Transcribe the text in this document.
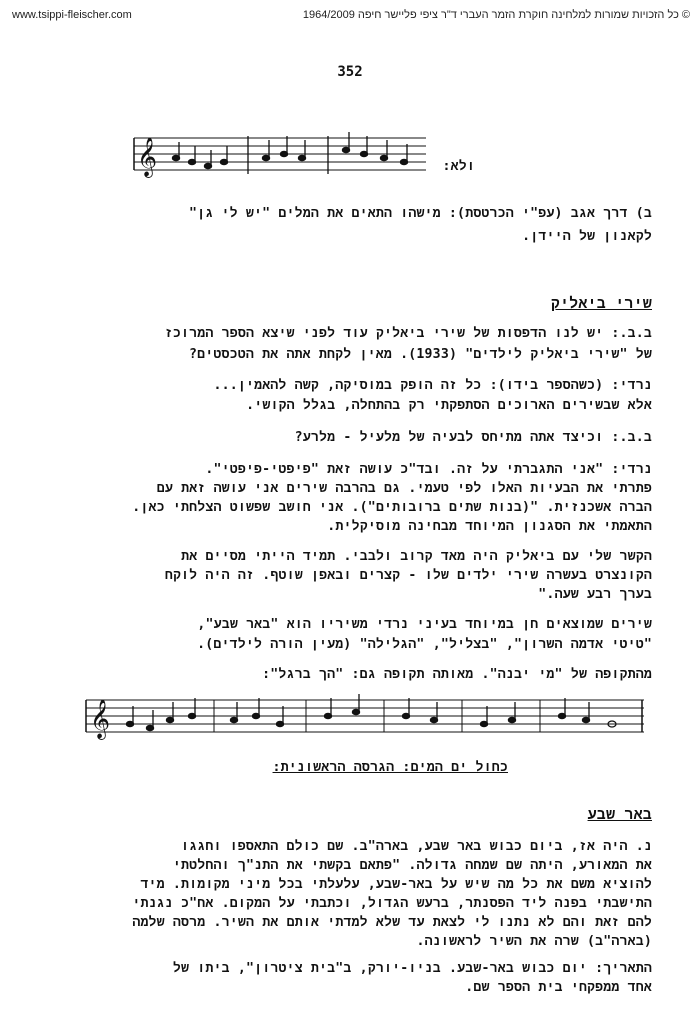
www.tsippi-fleischer.com	© כל הזכויות שמורות למלחינה חוקרת הזמר העברי ד"ר ציפי פליישר חיפה 1964/2009
352
𝄞	ולא:
ב) דרך אגב (עפ"י הכרטסת): מישהו התאים את המלים "יש לי גן"
לקאנון של היידן.
שירי ביאליק
ב.ב.: יש לנו הדפסות של שירי ביאליק עוד לפני שיצא הספר המרוכז
של "שירי ביאליק לילדים" (1933). מאין לקחת אתה את הטכסטים?
נרדי: (כשהספר בידו): כל זה הופק במוסיקה, קשה להאמין...
אלא שבשירים הארוכים הסתפקתי רק בהתחלה, בגלל הקושי.
ב.ב.: וכיצד אתה מתיחס לבעיה של מלעיל - מלרע?
נרדי: "אני התגברתי על זה. ובד"כ עושה זאת "פיפטי-פיפטי".
פתרתי את הבעיות האלו לפי טעמי. גם בהרבה שירים אני עושה זאת עם
הברה אשכנזית. "(בנות שתים ברובותים"). אני חושב שפשוט הצלחתי כאן.
התאמתי את הסגנון המיוחד מבחינה מוסיקלית.
הקשר שלי עם ביאליק היה מאד קרוב ולבבי. תמיד הייתי מסיים את
הקונצרט בעשרה שירי ילדים שלו - קצרים ובאפן שוטף. זה היה לוקח
בערך רבע שעה."
שירים שמוצאים חן במיוחד בעיני נרדי משיריו הוא "באר שבע",
"טיטי אדמה השרון", "בצליל", "הגלילה" (מעין הורה לילדים).
מהתקופה של "מי יבנה". מאותה תקופה גם: "הך ברגל":
𝄞
כחול ים המים: הגרסה הראשונית:
באר שבע
נ. היה אז, ביום כבוש באר שבע, בארה"ב. שם כולם התאספו וחגגו
את המאורע, היתה שם שמחה גדולה. "פתאם בקשתי את התנ"ך והחלטתי
להוציא משם את כל מה שיש על באר-שבע, עלעלתי בכל מיני מקומות. מיד
התישבתי בפנה ליד הפסנתר, ברעש הגדול, וכתבתי על המקום. אח"כ נגנתי
להם זאת והם לא נתנו לי לצאת עד שלא למדתי אותם את השיר. מרסה שלמה
(בארה"ב) שרה את השיר לראשונה.
התאריך: יום כבוש באר-שבע. בניו-יורק, ב"בית ציטרון", ביתו של
אחד ממפקחי בית הספר שם.
